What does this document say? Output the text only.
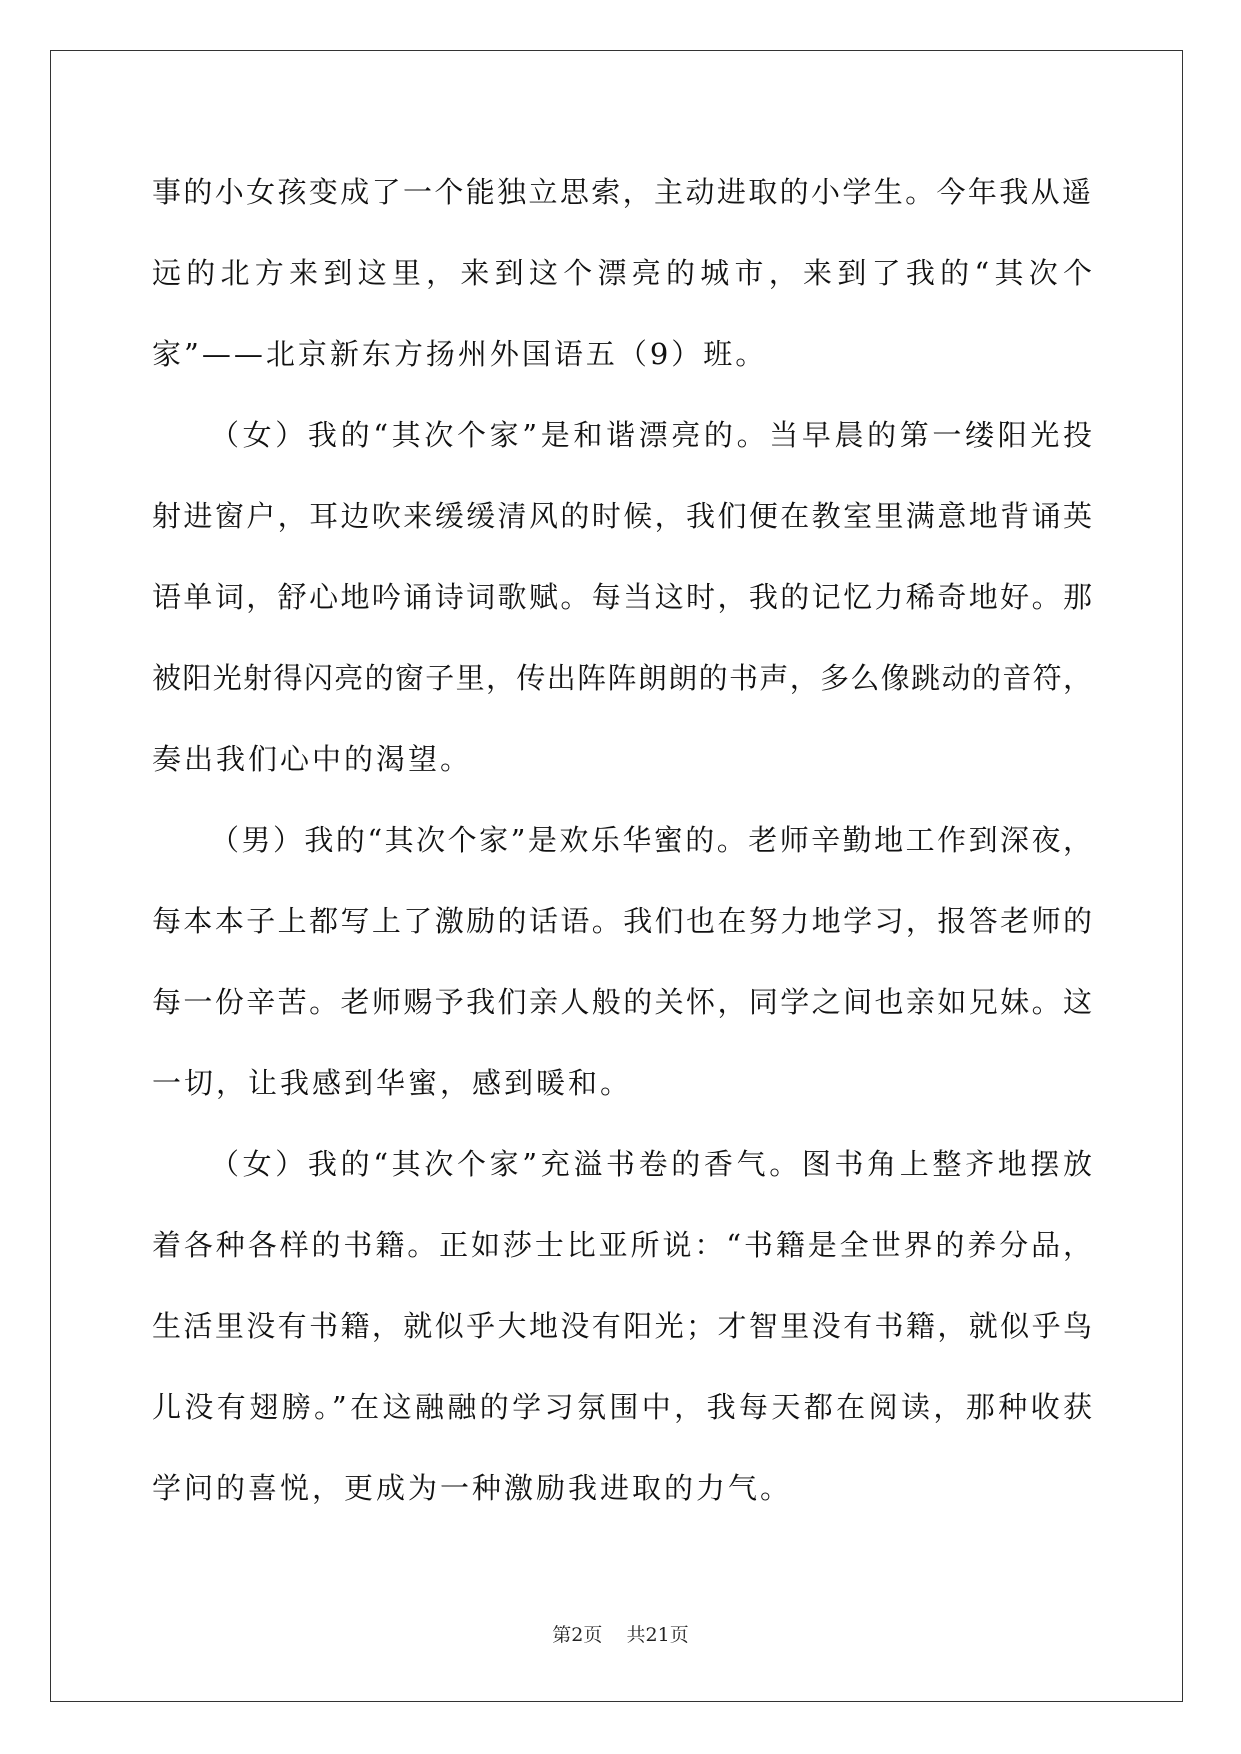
事的小女孩变成了一个能独立思索，主动进取的小学生。今年我从遥
远的北方来到这里，来到这个漂亮的城市，来到了我的“其次个
家”——北京新东方扬州外国语五（9）班。
（女）我的“其次个家”是和谐漂亮的。当早晨的第一缕阳光投
射进窗户，耳边吹来缓缓清风的时候，我们便在教室里满意地背诵英
语单词，舒心地吟诵诗词歌赋。每当这时，我的记忆力稀奇地好。那
被阳光射得闪亮的窗子里，传出阵阵朗朗的书声，多么像跳动的音符，
奏出我们心中的渴望。
（男）我的“其次个家”是欢乐华蜜的。老师辛勤地工作到深夜，
每本本子上都写上了激励的话语。我们也在努力地学习，报答老师的
每一份辛苦。老师赐予我们亲人般的关怀，同学之间也亲如兄妹。这
一切，让我感到华蜜，感到暖和。
（女）我的“其次个家”充溢书卷的香气。图书角上整齐地摆放
着各种各样的书籍。正如莎士比亚所说：“书籍是全世界的养分品，
生活里没有书籍，就似乎大地没有阳光；才智里没有书籍，就似乎鸟
儿没有翅膀。”在这融融的学习氛围中，我每天都在阅读，那种收获
学问的喜悦，更成为一种激励我进取的力气。
第2页 共21页
